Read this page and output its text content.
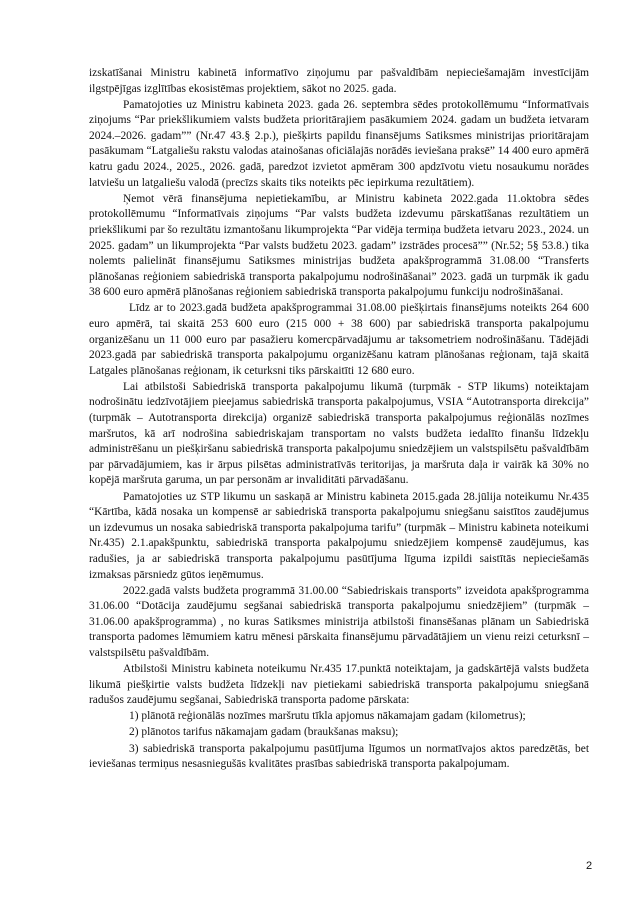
izskatīšanai Ministru kabinetā informatīvo ziņojumu par pašvaldībām nepieciešamajām investīcijām ilgstpējīgas izglītības ekosistēmas projektiem, sākot no 2025. gada.

Pamatojoties uz Ministru kabineta 2023. gada 26. septembra sēdes protokollēmumu “Informatīvais ziņojums “Par priekšlikumiem valsts budžeta prioritārajiem pasākumiem 2024. gadam un budžeta ietvaram 2024.–2026. gadam”” (Nr.47 43.§ 2.p.), piešķirts papildu finansējums Satiksmes ministrijas prioritārajam pasākumam “Latgaliešu rakstu valodas atainošanas oficiālajās norādēs ieviešana praksē” 14 400 euro apmērā katru gadu 2024., 2025., 2026. gadā, paredzot izvietot apmēram 300 apdzīvotu vietu nosaukumu norādes latviešu un latgaliešu valodā (precīzs skaits tiks noteikts pēc iepirkuma rezultātiem).

Ņemot vērā finansējuma nepietiekamību, ar Ministru kabineta 2022.gada 11.oktobra sēdes protokollēmumu “Informatīvais ziņojums “Par valsts budžeta izdevumu pārskatīšanas rezultātiem un priekšlikumi par šo rezultātu izmantošanu likumprojekta “Par vidēja termiņa budžeta ietvaru 2023., 2024. un 2025. gadam” un likumprojekta “Par valsts budžetu 2023. gadam” izstrādes procesā”” (Nr.52; 5§ 53.8.) tika nolemts palielināt finansējumu Satiksmes ministrijas budžeta apakšprogrammā 31.08.00 “Transferts plānošanas reģioniem sabiedriskā transporta pakalpojumu nodrošināšanai” 2023. gadā un turpmāk ik gadu 38 600 euro apmērā plānošanas reģioniem sabiedriskā transporta pakalpojumu funkciju nodrošināšanai.

Līdz ar to 2023.gadā budžeta apakšprogrammai 31.08.00 piešķirtais finansējums noteikts 264 600 euro apmērā, tai skaitā 253 600 euro (215 000 + 38 600) par sabiedriskā transporta pakalpojumu organizēšanu un 11 000 euro par pasažieru komercpārvadājumu ar taksometriem nodrošināšanu. Tādējādi 2023.gadā par sabiedriskā transporta pakalpojumu organizēšanu katram plānošanas reģionam, tajā skaitā Latgales plānošanas reģionam, ik ceturksni tiks pārskaitīti 12 680 euro.

Lai atbilstoši Sabiedriskā transporta pakalpojumu likumā (turpmāk - STP likums) noteiktajam nodrošinātu iedzīvotājiem pieejamus sabiedriskā transporta pakalpojumus, VSIA “Autotransporta direkcija” (turpmāk – Autotransporta direkcija) organizē sabiedriskā transporta pakalpojumus reģionālās nozīmes maršrutos, kā arī nodrošina sabiedriskajam transportam no valsts budžeta iedalīto finanšu līdzekļu administrēšanu un piešķiršanu sabiedriskā transporta pakalpojumu sniedzējiem un valstspilsētu pašvaldībām par pārvadājumiem, kas ir ārpus pilsētas administratīvās teritorijas, ja maršruta daļa ir vairāk kā 30% no kopējā maršruta garuma, un par personām ar invaliditāti pārvadāšanu.

Pamatojoties uz STP likumu un saskaņā ar Ministru kabineta 2015.gada 28.jūlija noteikumu Nr.435 “Kārtība, kādā nosaka un kompensē ar sabiedriskā transporta pakalpojumu sniegšanu saistītos zaudējumus un izdevumus un nosaka sabiedriskā transporta pakalpojuma tarifu” (turpmāk – Ministru kabineta noteikumi Nr.435) 2.1.apakšpunktu, sabiedriskā transporta pakalpojumu sniedzējiem kompensē zaudējumus, kas radušies, ja ar sabiedriskā transporta pakalpojumu pasūtījuma līguma izpildi saistītās nepieciešamās izmaksas pārsniedz gūtos ieņēmumus.

2022.gadā valsts budžeta programmā 31.00.00 “Sabiedriskais transports” izveidota apakšprogramma 31.06.00 “Dotācija zaudējumu segšanai sabiedriskā transporta pakalpojumu sniedzējiem” (turpmāk – 31.06.00 apakšprogramma) , no kuras Satiksmes ministrija atbilstoši finansēšanas plānam un Sabiedriskā transporta padomes lēmumiem katru mēnesi pārskaita finansējumu pārvadātājiem un vienu reizi ceturksnī – valstspilsētu pašvaldībām.

Atbilstoši Ministru kabineta noteikumu Nr.435 17.punktā noteiktajam, ja gadskārtējā valsts budžeta likumā piešķirtie valsts budžeta līdzekļi nav pietiekami sabiedriskā transporta pakalpojumu sniegšanā radušos zaudējumu segšanai, Sabiedriskā transporta padome pārskata:

1) plānotā reģionālās nozīmes maršrutu tīkla apjomus nākamajam gadam (kilometrus);

2) plānotos tarifus nākamajam gadam (braukšanas maksu);

3) sabiedriskā transporta pakalpojumu pasūtījuma līgumos un normatīvajos aktos paredzētās, bet ieviešanas termiņus nesasniegušās kvalitātes prasības sabiedriskā transporta pakalpojumam.

2
